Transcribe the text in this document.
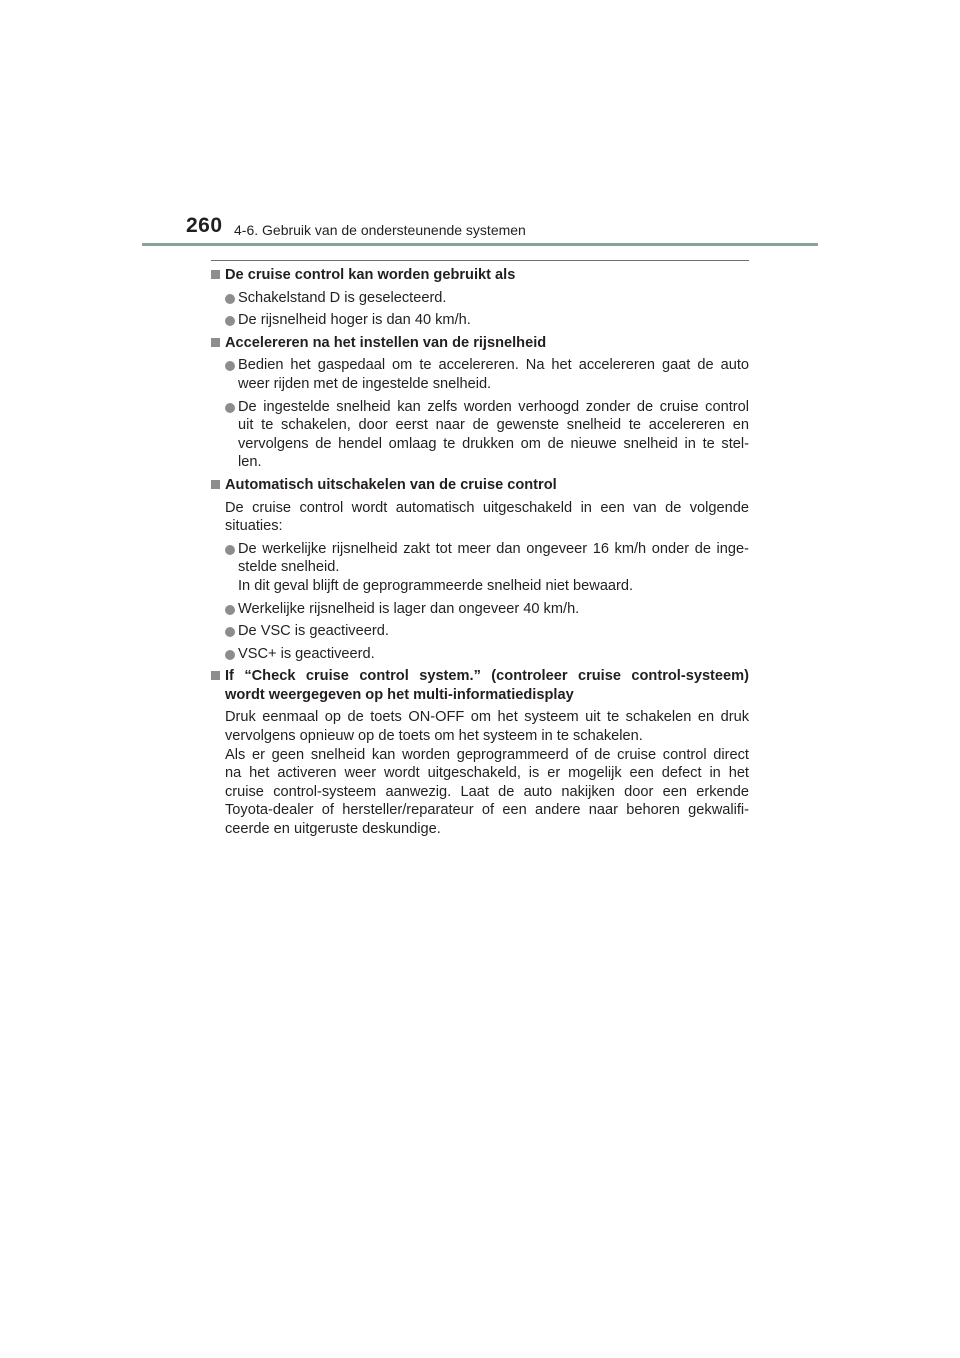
260 4-6. Gebruik van de ondersteunende systemen
De cruise control kan worden gebruikt als
Schakelstand D is geselecteerd.
De rijsnelheid hoger is dan 40 km/h.
Accelereren na het instellen van de rijsnelheid
Bedien het gaspedaal om te accelereren. Na het accelereren gaat de auto
weer rijden met de ingestelde snelheid.
De ingestelde snelheid kan zelfs worden verhoogd zonder de cruise control
uit te schakelen, door eerst naar de gewenste snelheid te accelereren en
vervolgens de hendel omlaag te drukken om de nieuwe snelheid in te stel-
len.
Automatisch uitschakelen van de cruise control
De cruise control wordt automatisch uitgeschakeld in een van de volgende
situaties:
De werkelijke rijsnelheid zakt tot meer dan ongeveer 16 km/h onder de inge-
stelde snelheid.
In dit geval blijft de geprogrammeerde snelheid niet bewaard.
Werkelijke rijsnelheid is lager dan ongeveer 40 km/h.
De VSC is geactiveerd.
VSC+ is geactiveerd.
If “Check cruise control system.” (controleer cruise control-systeem)
wordt weergegeven op het multi-informatiedisplay
Druk eenmaal op de toets ON-OFF om het systeem uit te schakelen en druk
vervolgens opnieuw op de toets om het systeem in te schakelen.
Als er geen snelheid kan worden geprogrammeerd of de cruise control direct
na het activeren weer wordt uitgeschakeld, is er mogelijk een defect in het
cruise control-systeem aanwezig. Laat de auto nakijken door een erkende
Toyota-dealer of hersteller/reparateur of een andere naar behoren gekwalifi-
ceerde en uitgeruste deskundige.
